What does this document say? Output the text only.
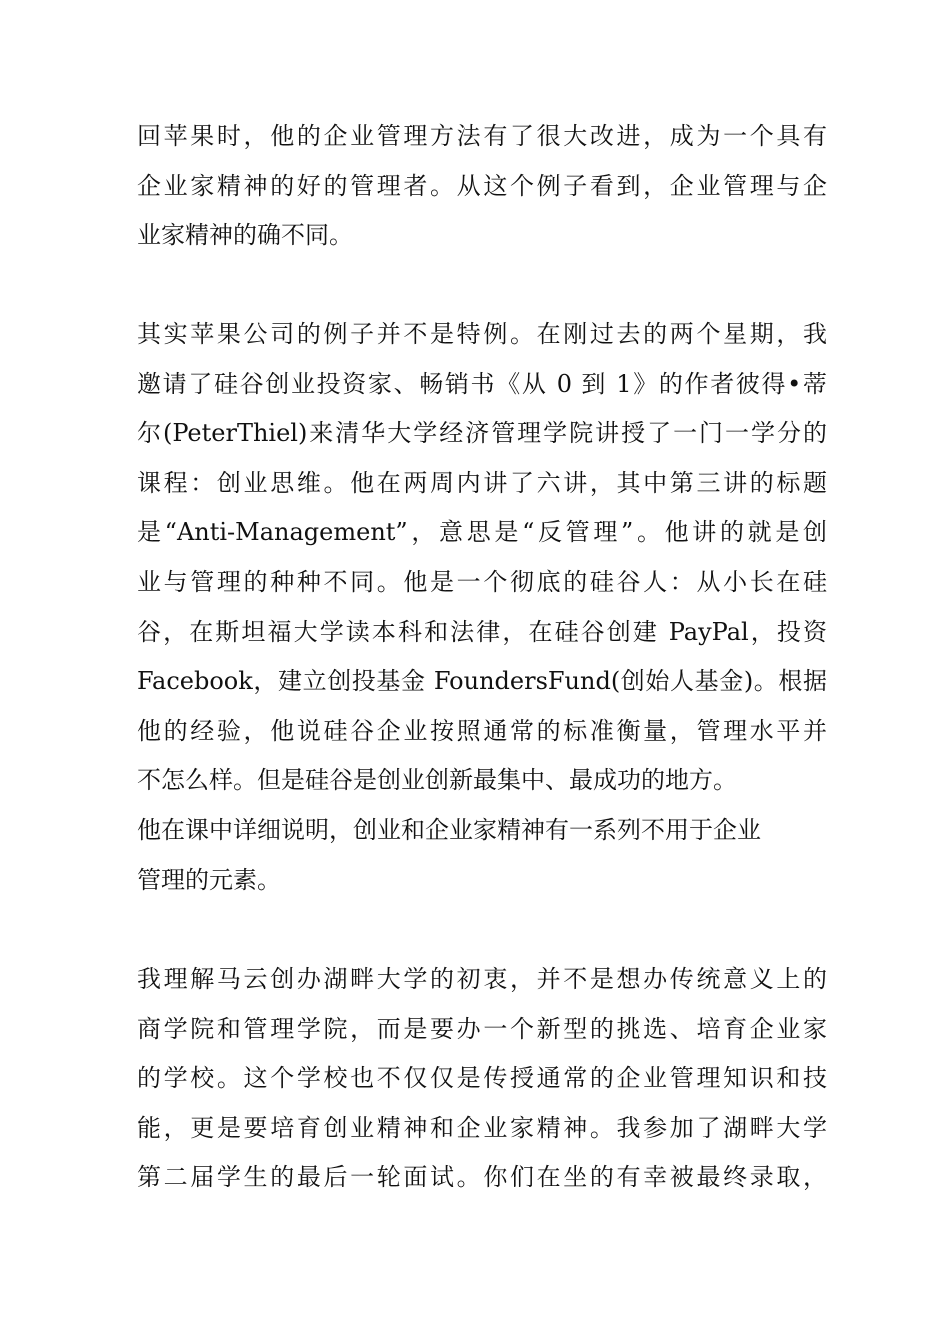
回苹果时，他的企业管理方法有了很大改进，成为一个具有
企业家精神的好的管理者。从这个例子看到，企业管理与企
业家精神的确不同。
其实苹果公司的例子并不是特例。在刚过去的两个星期，我
邀请了硅谷创业投资家、畅销书《从 0 到 1》的作者彼得•蒂
尔(PeterThiel)来清华大学经济管理学院讲授了一门一学分的
课程：创业思维。他在两周内讲了六讲，其中第三讲的标题
是“Anti-Management”，意思是“反管理”。他讲的就是创
业与管理的种种不同。他是一个彻底的硅谷人：从小长在硅
谷，在斯坦福大学读本科和法律，在硅谷创建 PayPal，投资
Facebook，建立创投基金 FoundersFund(创始人基金)。根据
他的经验，他说硅谷企业按照通常的标准衡量，管理水平并
不怎么样。但是硅谷是创业创新最集中、最成功的地方。
他在课中详细说明，创业和企业家精神有一系列不用于企业
管理的元素。
我理解马云创办湖畔大学的初衷，并不是想办传统意义上的
商学院和管理学院，而是要办一个新型的挑选、培育企业家
的学校。这个学校也不仅仅是传授通常的企业管理知识和技
能，更是要培育创业精神和企业家精神。我参加了湖畔大学
第二届学生的最后一轮面试。你们在坐的有幸被最终录取，
